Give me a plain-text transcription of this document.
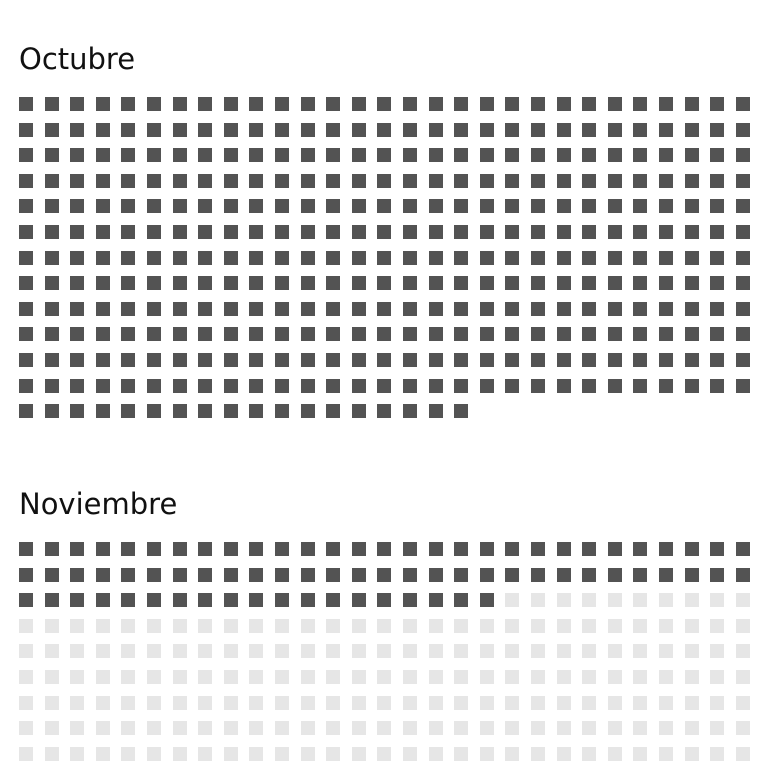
Octubre
Noviembre
